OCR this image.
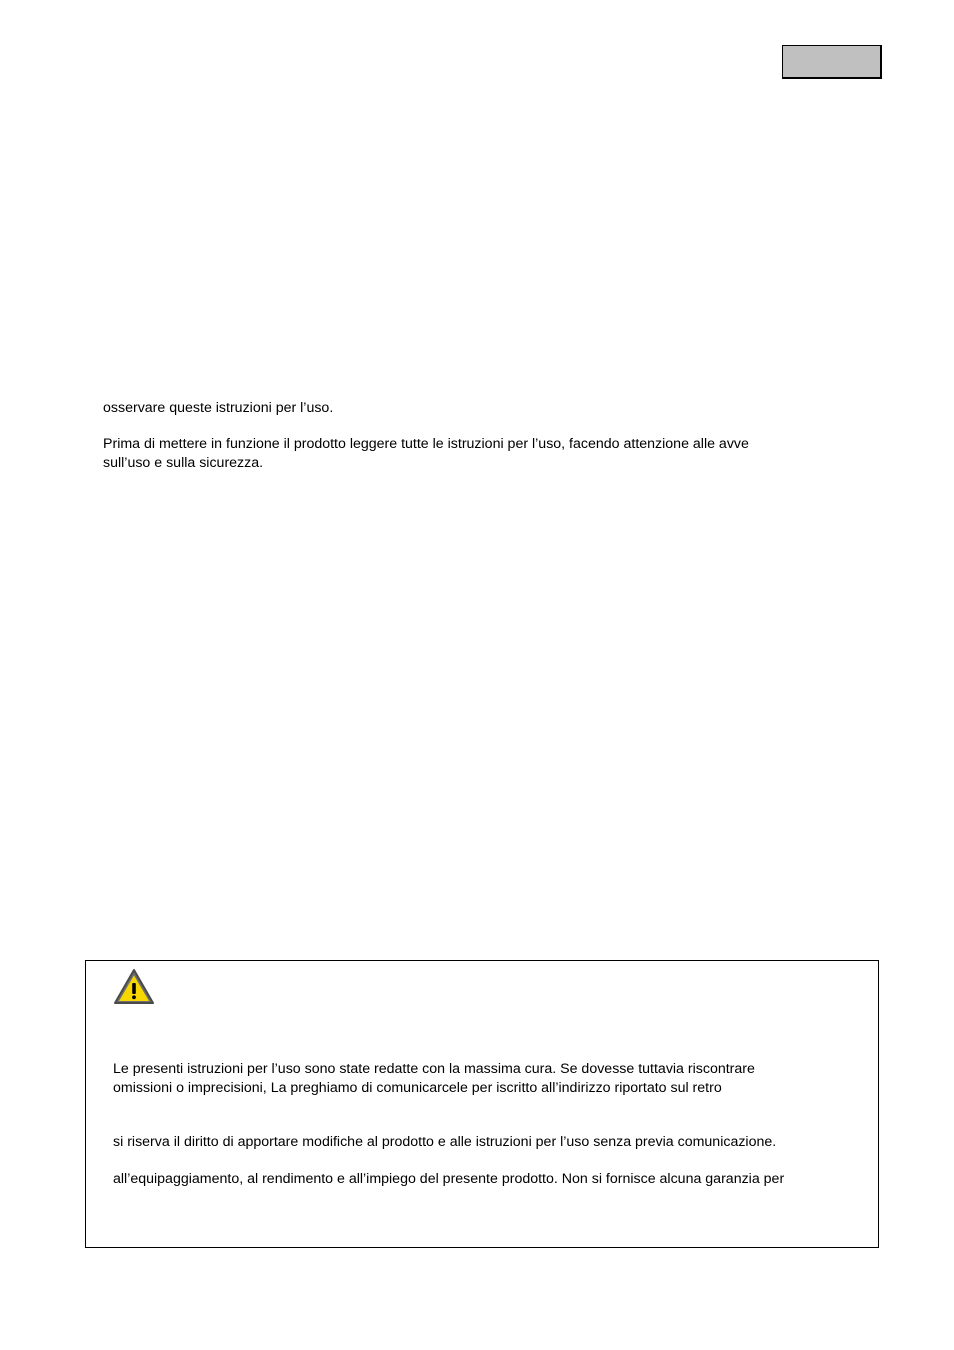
osservare queste istruzioni per l’uso.
Prima di mettere in funzione il prodotto leggere tutte le istruzioni per l’uso, facendo attenzione alle avve
sull’uso e sulla sicurezza.
Le presenti istruzioni per l’uso sono state redatte con la massima cura. Se dovesse tuttavia riscontrare
omissioni o imprecisioni, La preghiamo di comunicarcele per iscritto all’indirizzo riportato sul retro
si riserva il diritto di apportare modifiche al prodotto e alle istruzioni per l’uso senza previa comunicazione.
all’equipaggiamento, al rendimento e all’impiego del presente prodotto. Non si fornisce alcuna garanzia per
